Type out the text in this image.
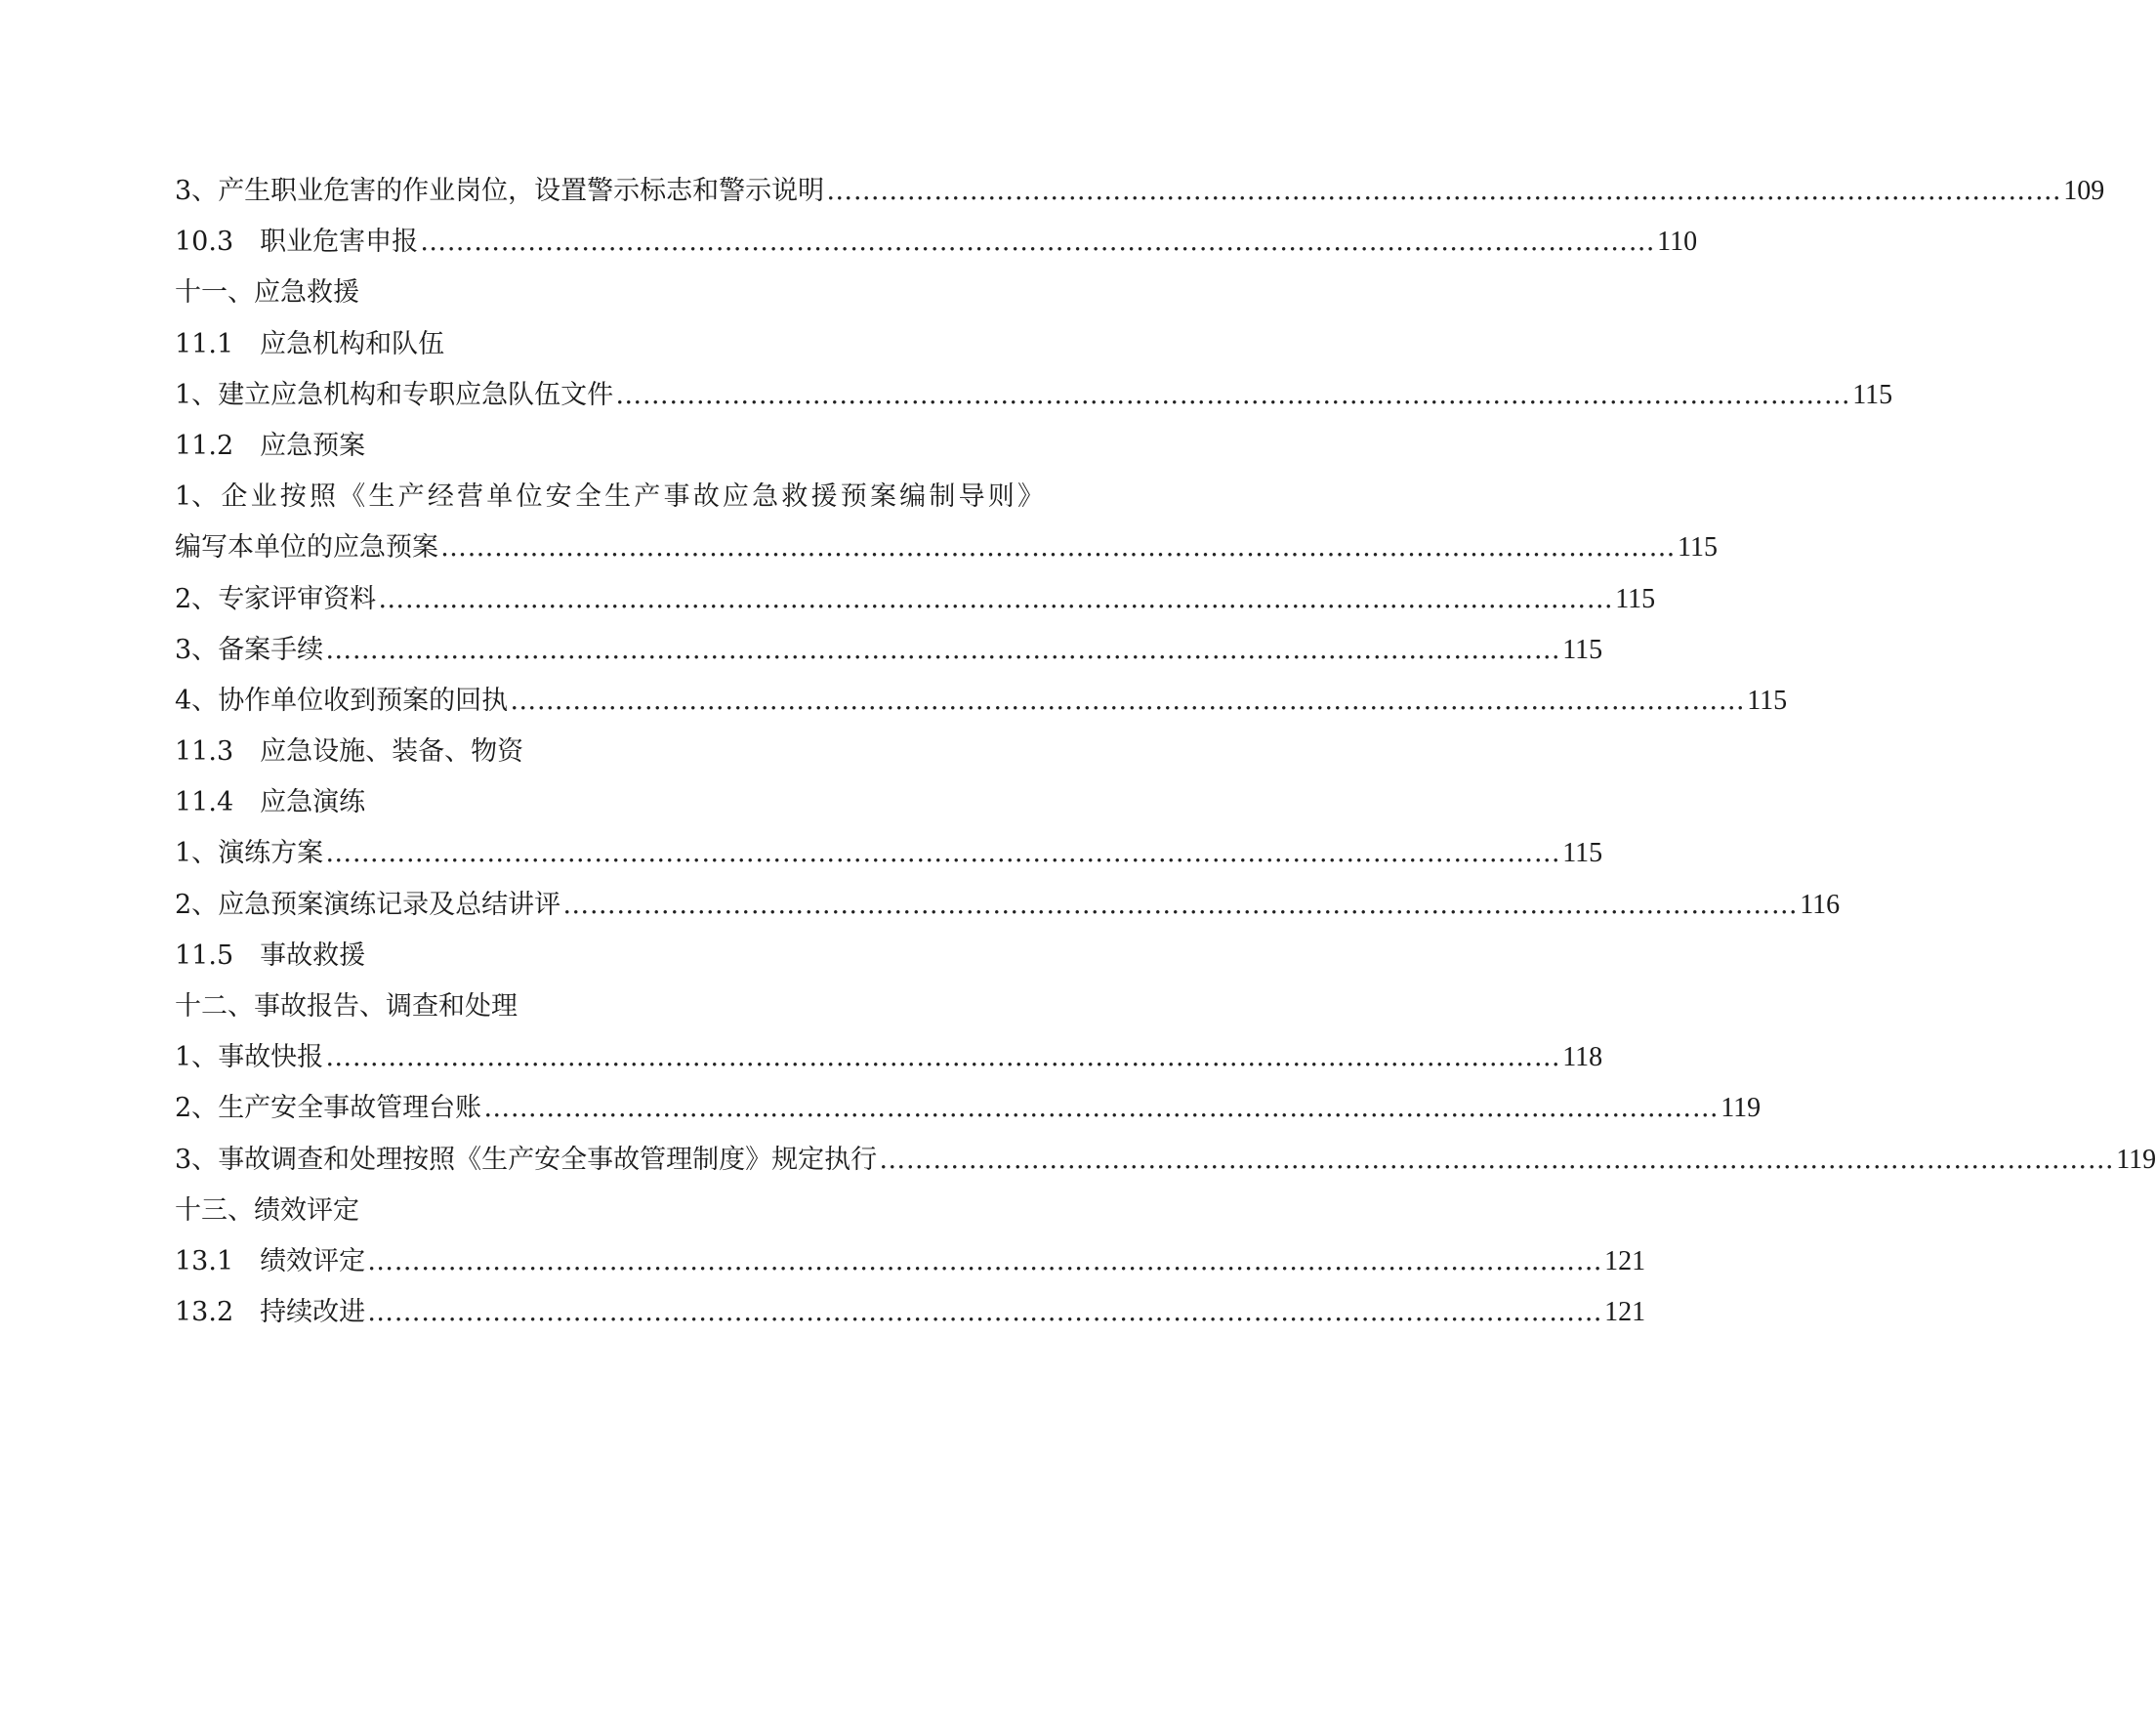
3、产生职业危害的作业岗位，设置警示标志和警示说明 ………………………………………………………………………………………………………………………… 109
10.3　职业危害申报 ………………………………………………………………………………………………………………………… 110
十一、应急救援
11.1　应急机构和队伍
1、建立应急机构和专职应急队伍文件 ………………………………………………………………………………………………………………………… 115
11.2　应急预案
1、企业按照《生产经营单位安全生产事故应急救援预案编制导则》
编写本单位的应急预案 ………………………………………………………………………………………………………………………… 115
2、专家评审资料 ………………………………………………………………………………………………………………………… 115
3、备案手续 ………………………………………………………………………………………………………………………… 115
4、协作单位收到预案的回执 ………………………………………………………………………………………………………………………… 115
11.3　应急设施、装备、物资
11.4　应急演练
1、演练方案 ………………………………………………………………………………………………………………………… 115
2、应急预案演练记录及总结讲评 ………………………………………………………………………………………………………………………… 116
11.5　事故救援
十二、事故报告、调查和处理
1、事故快报 ………………………………………………………………………………………………………………………… 118
2、生产安全事故管理台账 ………………………………………………………………………………………………………………………… 119
3、事故调查和处理按照《生产安全事故管理制度》规定执行 ………………………………………………………………………………………………………………………… 119
十三、绩效评定
13.1　绩效评定 ………………………………………………………………………………………………………………………… 121
13.2　持续改进 ………………………………………………………………………………………………………………………… 121
